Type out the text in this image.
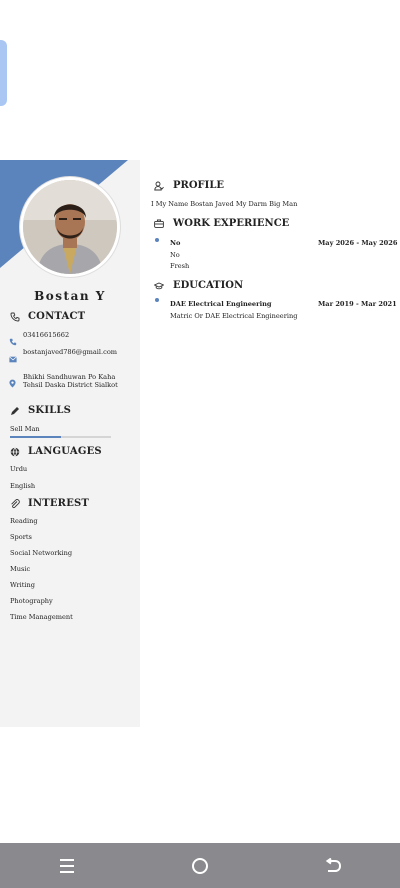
Bostan Y
CONTACT
03416615662
bostanjaved786@gmail.com
Bhikhi Sandhuwan Po Kaha Tehsil Daska District Sialkot
SKILLS
Sell Man
LANGUAGES
Urdu
English
INTEREST
Reading
Sports
Social Networking
Music
Writing
Photography
Time Management
PROFILE
I My Name Bostan Javed My Darm Big Man
WORK EXPERIENCE
No	May 2026 - May 2026
No
Fresh
EDUCATION
DAE Electrical Engineering	Mar 2019 - Mar 2021
Matric Or DAE Electrical Engineering
